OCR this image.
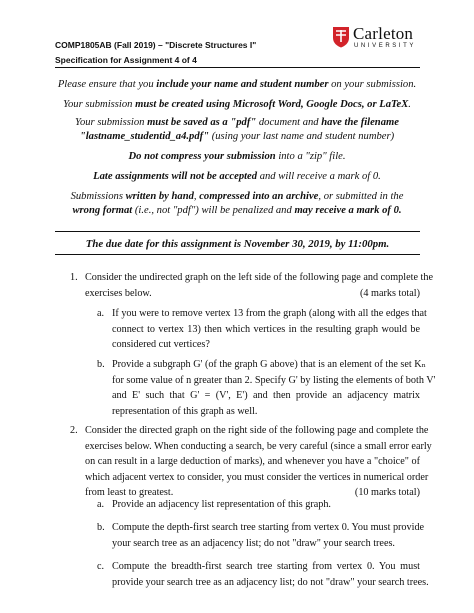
COMP1805AB (Fall 2019) – "Discrete Structures I"
Specification for Assignment 4 of 4
Carleton
UNIVERSITY
Please ensure that you include your name and student number on your submission.
Your submission must be created using Microsoft Word, Google Docs, or LaTeX.
Your submission must be saved as a "pdf" document and have the filename
"lastname_studentid_a4.pdf" (using your last name and student number)
Do not compress your submission into a "zip" file.
Late assignments will not be accepted and will receive a mark of 0.
Submissions written by hand, compressed into an archive, or submitted in the
wrong format (i.e., not "pdf") will be penalized and may receive a mark of 0.
The due date for this assignment is November 30, 2019, by 11:00pm.
1. Consider the undirected graph on the left side of the following page and complete the
exercises below.	(4 marks total)
a. If you were to remove vertex 13 from the graph (along with all the edges that
connect to vertex 13) then which vertices in the resulting graph would be
considered cut vertices?
b. Provide a subgraph G' (of the graph G above) that is an element of the set Kₙ
for some value of n greater than 2. Specify G' by listing the elements of both V'
and E' such that G' = (V', E') and then provide an adjacency matrix
representation of this graph as well.
2. Consider the directed graph on the right side of the following page and complete the
exercises below. When conducting a search, be very careful (since a small error early
on can result in a large deduction of marks), and whenever you have a "choice" of
which adjacent vertex to consider, you must consider the vertices in numerical order
from least to greatest.	(10 marks total)
a. Provide an adjacency list representation of this graph.
b. Compute the depth-first search tree starting from vertex 0. You must provide
your search tree as an adjacency list; do not "draw" your search trees.
c. Compute the breadth-first search tree starting from vertex 0. You must
provide your search tree as an adjacency list; do not "draw" your search trees.
